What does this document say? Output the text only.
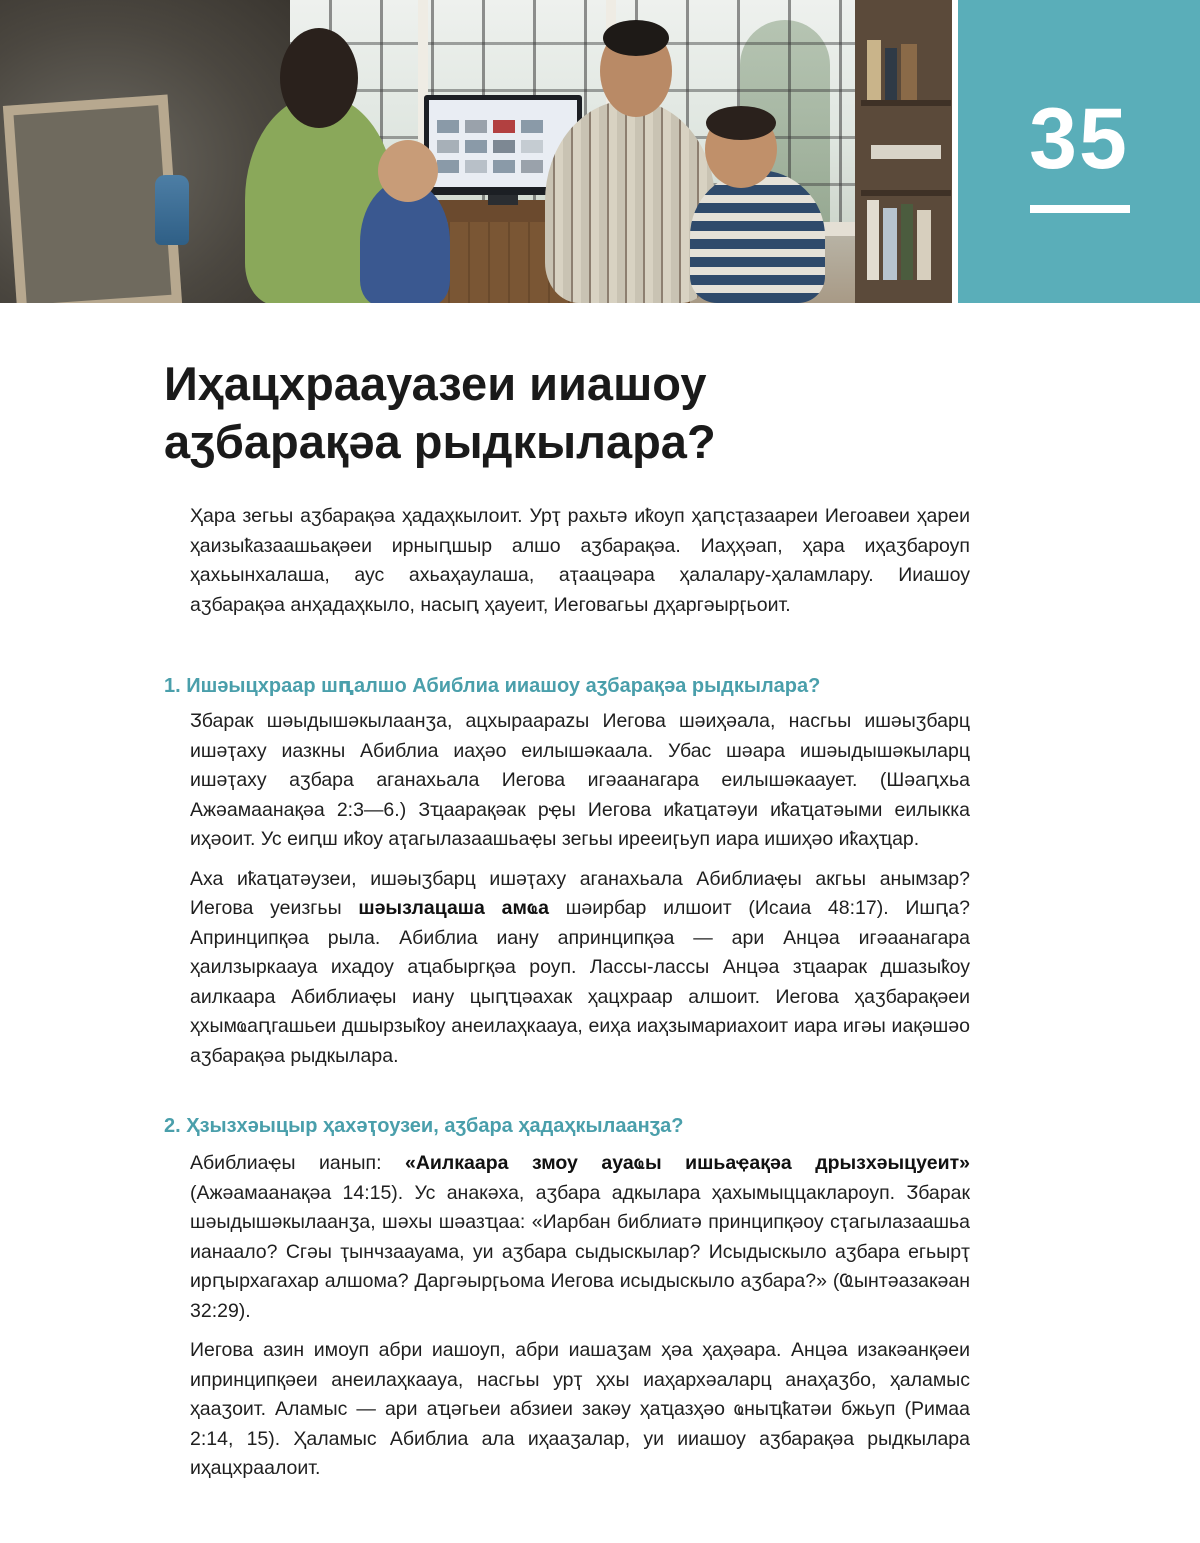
35
Иҳацхраауазеи ииашоу
аӡбарақәа рыдкылара?

Ҳара зегьы аӡбарақәа ҳадаҳкылоит. Урҭ рахьтә иҟоуп ҳаԥсҭазаареи Иегоавеи ҳареи ҳаизыҟазаашьақәеи ирныԥшыр алшо аӡбарақәа. Иаҳҳәап, ҳара иҳаӡбароуп ҳахьынхалаша, аус ахьаҳаулаша, аҭаацәара ҳалалару-ҳаламлару. Ииашоу аӡбарақәа анҳадаҳкыло, насыԥ ҳауеит, Иеговагьы дҳаргәырӷьоит.

1. Ишәыцхраар шԥалшо Абиблиа ииашоу аӡбарақәа рыдкылара?

Ӡбарак шәыдышәкылаанӡа, ацхыраарazы Иегова шәиҳәала, насгьы ишәыӡбарц ишәҭаху иазкны Абиблиа иаҳәо еилышәкаала. Убас шәара ишәыдышәкыларц ишәҭаху аӡбара аганахьала Иегова игәаанагара еилышәкааует. (Шәаԥхьа Ажәамаанақәа 2:3—6.) Зҵаарақәак рҿы Иегова иҟаҵатәуи иҟаҵатәыми еилыкка иҳәоит. Ус еиԥш иҟоу аҭагылазаашьаҿы зегьы ирееиӷьуп иара ишиҳәо иҟаҳҵар.

Аха иҟаҵатәузеи, ишәыӡбарц ишәҭаху аганахьала Абиблиаҿы акгьы анымзар? Иегова уеизгьы шәызлацаша амҩа шәирбар илшоит (Исаиа 48:17). Ишԥа? Апринципқәа рыла. Абиблиа иану апринципқәа — ари Анцәа игәаанагара ҳаилзыркаауа ихадоу аҵабыргқәа роуп. Лассы-лассы Анцәа зҵаарак дшазыҟоу аилкаара Абиблиаҿы иану цыԥҵәахак ҳацхраар алшоит. Иегова ҳаӡбарақәеи ҳхымҩаԥгашьеи дшырзыҟоу анеилаҳкаауа, еиҳа иаҳзымариахоит иара игәы иақәшәо аӡбарақәа рыдкылара.

2. Ҳзызхәыцыр ҳахәҭоузеи, аӡбара ҳадаҳкылаанӡа?

Абиблиаҿы ианып: «Аилкаара змоу ауаҩы ишьаҿақәа дрызхәыцуеит» (Ажәамаанақәа 14:15). Ус анакәха, аӡбара адкылара ҳахымыццакларoуп. Ӡбарак шәыдышәкылаанӡа, шәхы шәазҵаа: «Иарбан библиатә принципқәоу сҭагылазаашьа ианаало? Сгәы ҭынчзаауама, уи аӡбара сыдыскылар? Исыдыскыло аӡбара егьырҭ ирԥырхагахар алшома? Даргәырӷьома Иегова исыдыскыло аӡбара?» (Ҩынтәазакәан 32:29).

Иегова азин имоуп абри иашоуп, абри иашаӡам ҳәа ҳаҳәара. Анцәа изакәанқәеи ипринципқәеи анеилаҳкааyа, насгьы урҭ ҳхы иаҳархәаларц анаҳаӡбо, ҳаламыс ҳааӡоит. Аламыс — ари аҵәгьеи абзиеи закәу ҳаҵазҳәо ҩныҵҟатәи бжьуп (Римаа 2:14, 15). Ҳаламыс Абиблиа ала иҳааӡалар, уи ииашоу аӡбарақәа рыдкылара иҳацхраалоит.
